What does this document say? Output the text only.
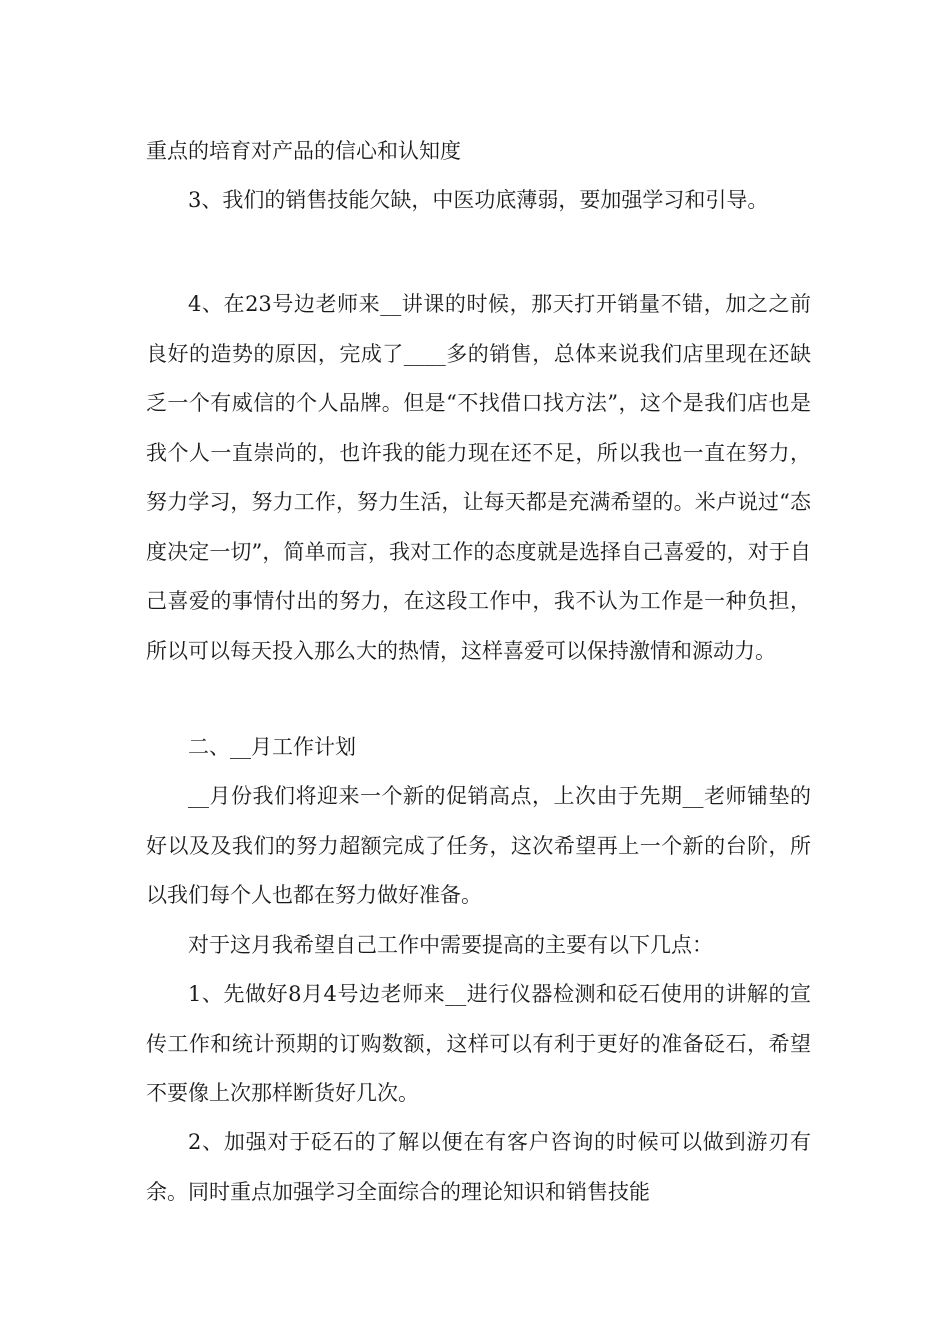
重点的培育对产品的信心和认知度

3、我们的销售技能欠缺，中医功底薄弱，要加强学习和引导。

4、在23号边老师来__讲课的时候，那天打开销量不错，加之之前良好的造势的原因，完成了____多的销售，总体来说我们店里现在还缺乏一个有威信的个人品牌。但是“不找借口找方法”，这个是我们店也是我个人一直崇尚的，也许我的能力现在还不足，所以我也一直在努力，努力学习，努力工作，努力生活，让每天都是充满希望的。米卢说过“态度决定一切”，简单而言，我对工作的态度就是选择自己喜爱的，对于自己喜爱的事情付出的努力，在这段工作中，我不认为工作是一种负担，所以可以每天投入那么大的热情，这样喜爱可以保持激情和源动力。

二、__月工作计划

__月份我们将迎来一个新的促销高点，上次由于先期__老师铺垫的好以及及我们的努力超额完成了任务，这次希望再上一个新的台阶，所以我们每个人也都在努力做好准备。

对于这月我希望自己工作中需要提高的主要有以下几点：

1、先做好8月4号边老师来__进行仪器检测和砭石使用的讲解的宣传工作和统计预期的订购数额，这样可以有利于更好的准备砭石，希望不要像上次那样断货好几次。

2、加强对于砭石的了解以便在有客户咨询的时候可以做到游刃有余。同时重点加强学习全面综合的理论知识和销售技能
